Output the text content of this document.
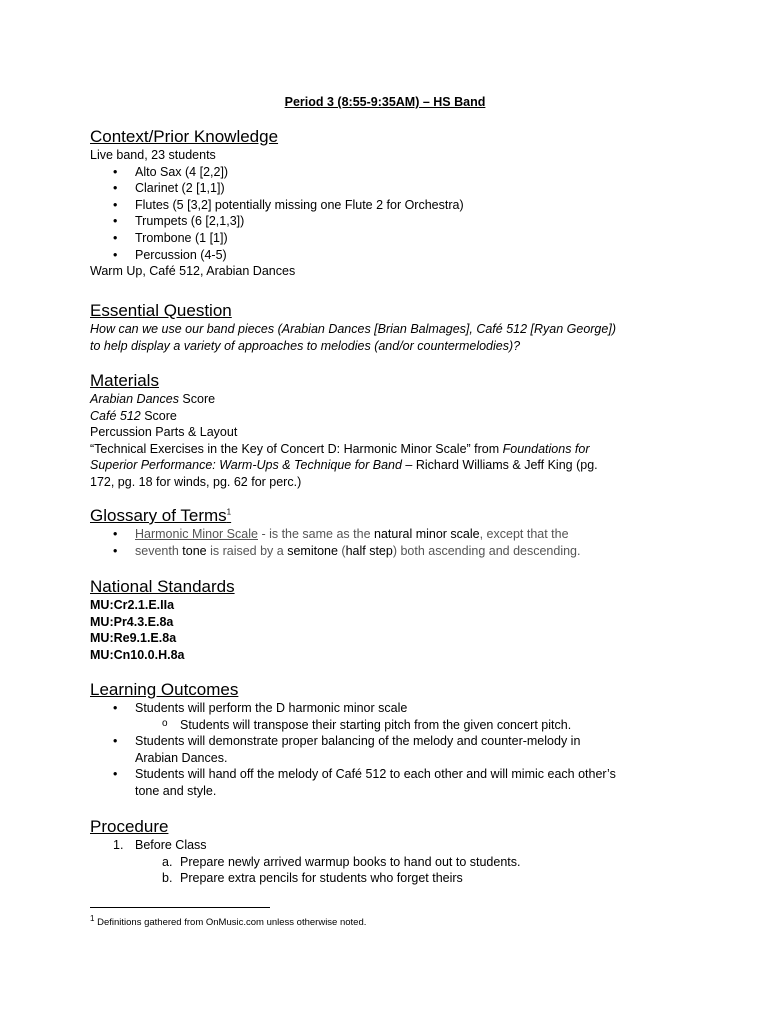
Period 3 (8:55-9:35AM) – HS Band
Context/Prior Knowledge
Live band, 23 students
• Alto Sax (4 [2,2])
• Clarinet (2 [1,1])
• Flutes (5 [3,2] potentially missing one Flute 2 for Orchestra)
• Trumpets (6 [2,1,3])
• Trombone (1 [1])
• Percussion (4-5)
Warm Up, Café 512, Arabian Dances
Essential Question
How can we use our band pieces (Arabian Dances [Brian Balmages], Café 512 [Ryan George])
to help display a variety of approaches to melodies (and/or countermelodies)?
Materials
Arabian Dances Score
Café 512 Score
Percussion Parts & Layout
“Technical Exercises in the Key of Concert D: Harmonic Minor Scale” from Foundations for
Superior Performance: Warm-Ups & Technique for Band – Richard Williams & Jeff King (pg.
172, pg. 18 for winds, pg. 62 for perc.)
Glossary of Terms$^1$
• Harmonic Minor Scale - is the same as the natural minor scale, except that the
• seventh tone is raised by a semitone (half step) both ascending and descending.
National Standards
MU:Cr2.1.E.IIa
MU:Pr4.3.E.8a
MU:Re9.1.E.8a
MU:Cn10.0.H.8a
Learning Outcomes
• Students will perform the D harmonic minor scale
o Students will transpose their starting pitch from the given concert pitch.
• Students will demonstrate proper balancing of the melody and counter-melody in
Arabian Dances.
• Students will hand off the melody of Café 512 to each other and will mimic each other’s
tone and style.
Procedure
1. Before Class
a. Prepare newly arrived warmup books to hand out to students.
b. Prepare extra pencils for students who forget theirs
$^1$ Definitions gathered from OnMusic.com unless otherwise noted.
